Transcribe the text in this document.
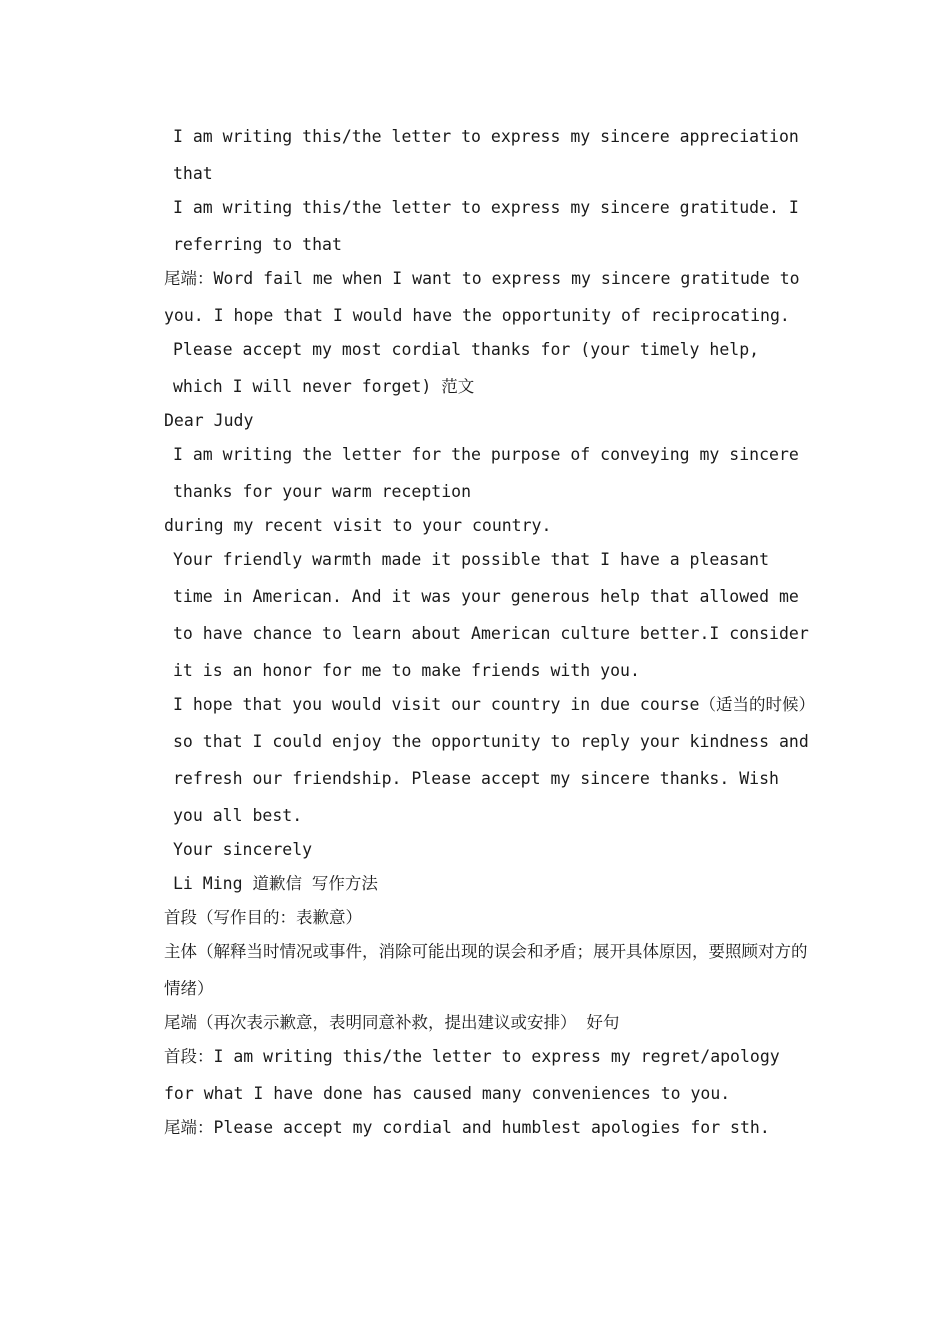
I am writing this/the letter to express my sincere appreciation that

I am writing this/the letter to express my sincere gratitude. I referring to that

尾端：Word fail me when I want to express my sincere gratitude to you. I hope that I would have the opportunity of reciprocating.

Please accept my most cordial thanks for (your timely help, which I will never forget) 范文

Dear Judy

I am writing the letter for the purpose of conveying my sincere thanks for your warm reception

during my recent visit to your country.

Your friendly warmth made it possible that I have a pleasant time in American. And it was your generous help that allowed me to have chance to learn about American culture better.I consider it is an honor for me to make friends with you.

I hope that you would visit our country in due course（适当的时候）so that I could enjoy the opportunity to reply your kindness and refresh our friendship. Please accept my sincere thanks. Wish you all best.

Your sincerely

Li Ming 道歉信 写作方法

首段（写作目的：表歉意）

主体（解释当时情况或事件，消除可能出现的误会和矛盾；展开具体原因，要照顾对方的情绪）

尾端（再次表示歉意，表明同意补救，提出建议或安排） 好句

首段：I am writing this/the letter to express my regret/apology for what I have done has caused many conveniences to you.

尾端：Please accept my cordial and humblest apologies for sth.
